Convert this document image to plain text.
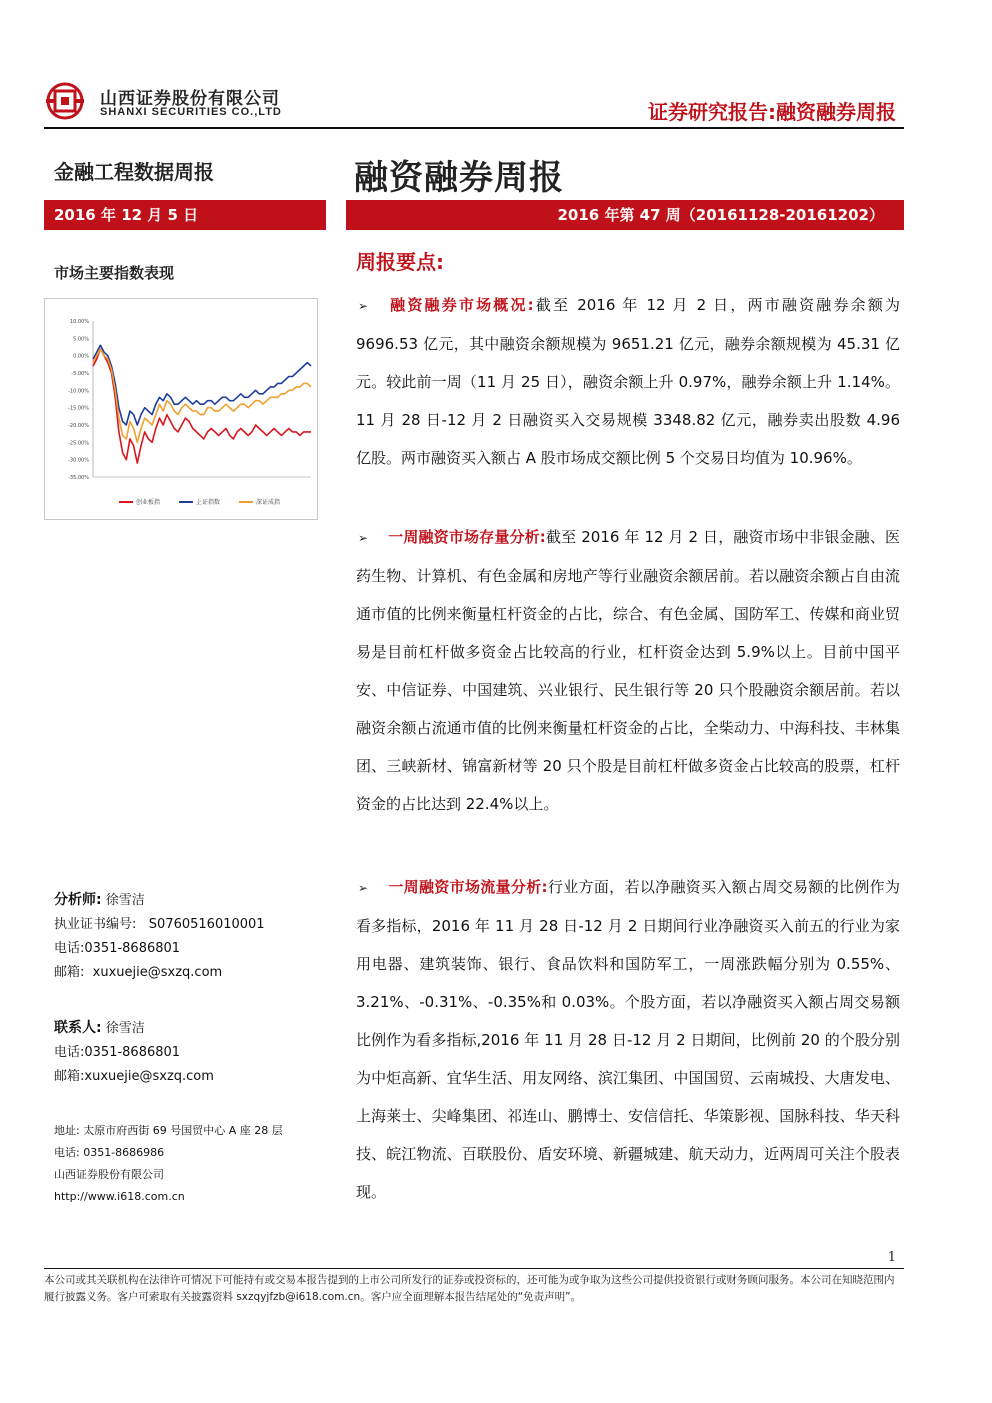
山西证券股份有限公司
SHANXI SECURITIES CO.,LTD	证券研究报告:融资融券周报
金融工程数据周报
2016 年 12 月 5 日
市场主要指数表现
10.00%
5.00%
0.00%
-5.00%
-10.00%
-15.00%
-20.00%
-25.00%
-30.00%
-35.00%
创业板指	上证指数	深证成指
融资融券周报
2016 年第 47 周（20161128-20161202）
周报要点:
➢ 融资融券市场概况:截至 2016 年 12 月 2 日，两市融资融券余额为 9696.53 亿元，其中融资余额规模为 9651.21 亿元，融券余额规模为 45.31 亿元。较此前一周（11 月 25 日），融资余额上升 0.97%，融券余额上升 1.14%。11 月 28 日-12 月 2 日融资买入交易规模 3348.82 亿元，融券卖出股数 4.96 亿股。两市融资买入额占 A 股市场成交额比例 5 个交易日均值为 10.96%。
➢ 一周融资市场存量分析:截至 2016 年 12 月 2 日，融资市场中非银金融、医药生物、计算机、有色金属和房地产等行业融资余额居前。若以融资余额占自由流通市值的比例来衡量杠杆资金的占比，综合、有色金属、国防军工、传媒和商业贸易是目前杠杆做多资金占比较高的行业，杠杆资金达到 5.9%以上。目前中国平安、中信证券、中国建筑、兴业银行、民生银行等 20 只个股融资余额居前。若以融资余额占流通市值的比例来衡量杠杆资金的占比，全柴动力、中海科技、丰林集团、三峡新材、锦富新材等 20 只个股是目前杠杆做多资金占比较高的股票，杠杆资金的占比达到 22.4%以上。
➢ 一周融资市场流量分析:行业方面，若以净融资买入额占周交易额的比例作为看多指标，2016 年 11 月 28 日-12 月 2 日期间行业净融资买入前五的行业为家用电器、建筑装饰、银行、食品饮料和国防军工，一周涨跌幅分别为 0.55%、3.21%、-0.31%、-0.35%和 0.03%。个股方面，若以净融资买入额占周交易额比例作为看多指标,2016 年 11 月 28 日-12 月 2 日期间，比例前 20 的个股分别为中炬高新、宜华生活、用友网络、滨江集团、中国国贸、云南城投、大唐发电、上海莱士、尖峰集团、祁连山、鹏博士、安信信托、华策影视、国脉科技、华天科技、皖江物流、百联股份、盾安环境、新疆城建、航天动力，近两周可关注个股表现。
分析师: 徐雪洁
执业证书编号: S0760516010001
电话:0351-8686801
邮箱: xuxuejie@sxzq.com
联系人: 徐雪洁
电话:0351-8686801
邮箱:xuxuejie@sxzq.com
地址: 太原市府西街 69 号国贸中心 A 座 28 层
电话: 0351-8686986
山西证券股份有限公司
http://www.i618.com.cn
1
本公司或其关联机构在法律许可情况下可能持有或交易本报告提到的上市公司所发行的证券或投资标的，还可能为或争取为这些公司提供投资银行或财务顾问服务。本公司在知晓范围内履行披露义务。客户可索取有关披露资料 sxzqyjfzb@i618.com.cn。客户应全面理解本报告结尾处的“免责声明”。
